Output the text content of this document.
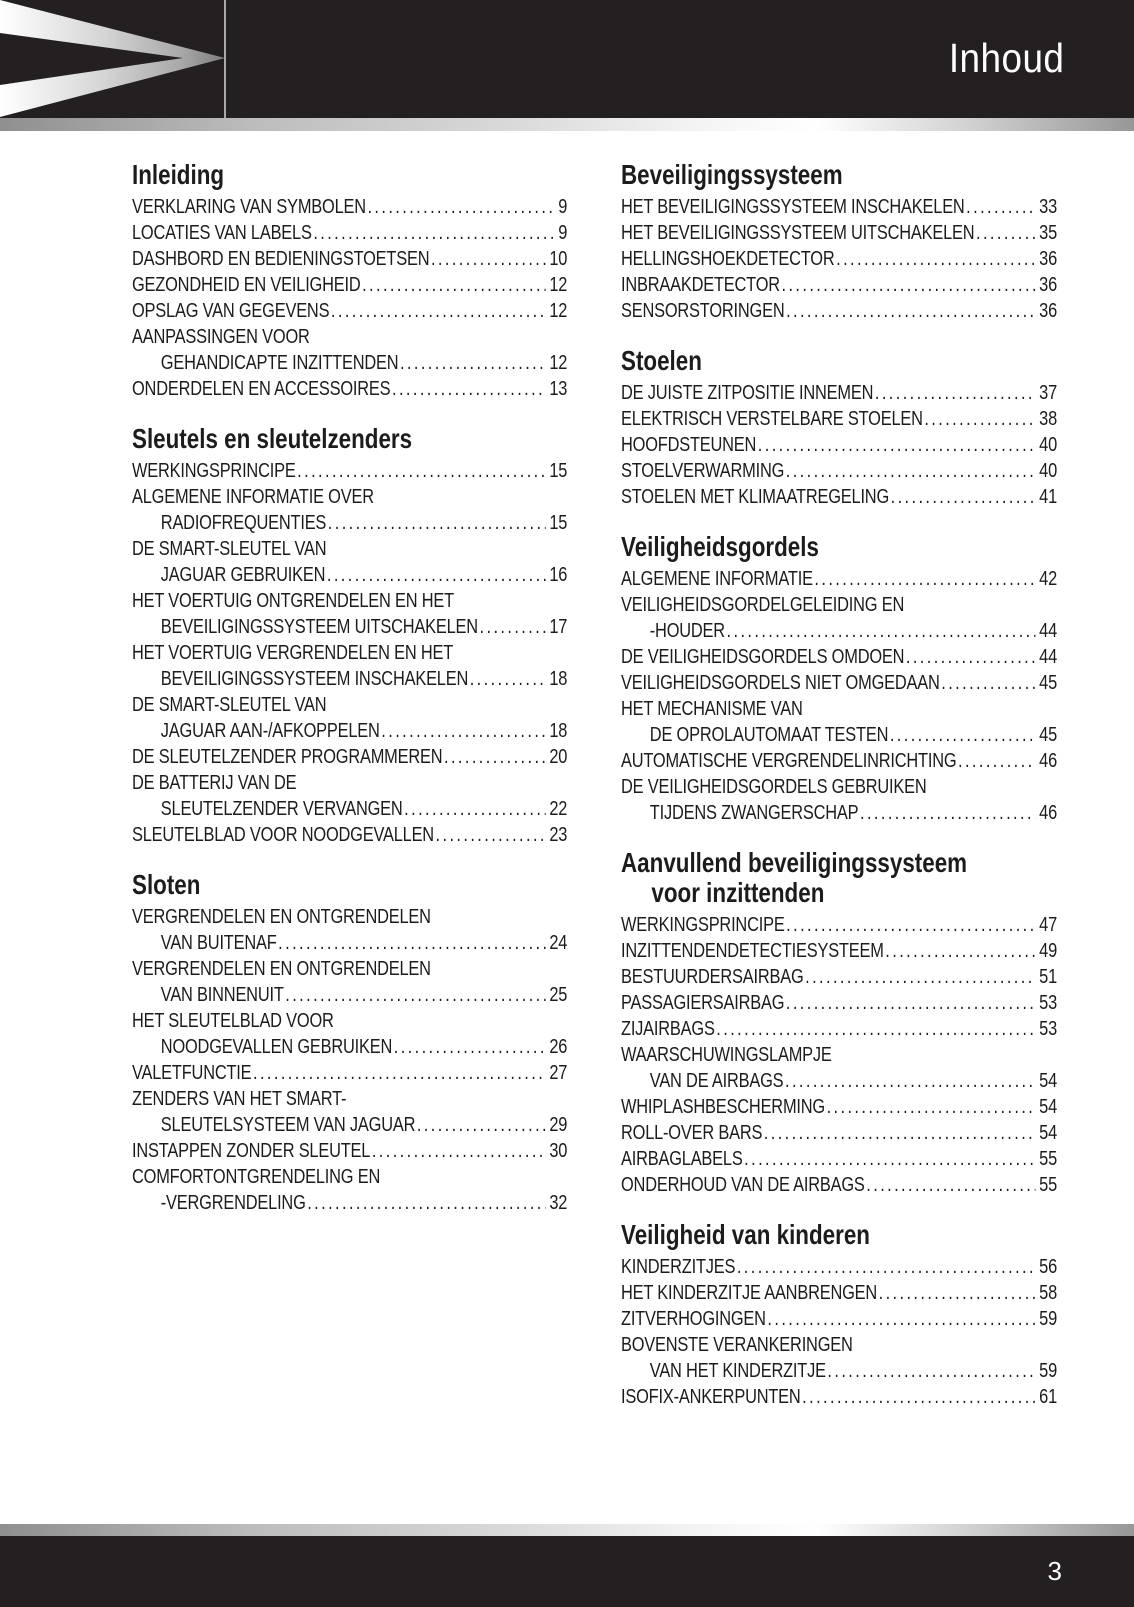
Inhoud
Inleiding
VERKLARING VAN SYMBOLEN .....	9
LOCATIES VAN LABELS .....	9
DASHBORD EN BEDIENINGSTOETSEN .....	10
GEZONDHEID EN VEILIGHEID .....	12
OPSLAG VAN GEGEVENS .....	12
AANPASSINGEN VOOR
GEHANDICAPTE INZITTENDEN .....	12
ONDERDELEN EN ACCESSOIRES .....	13
Sleutels en sleutelzenders
WERKINGSPRINCIPE .....	15
ALGEMENE INFORMATIE OVER
RADIOFREQUENTIES .....	15
DE SMART-SLEUTEL VAN
JAGUAR GEBRUIKEN .....	16
HET VOERTUIG ONTGRENDELEN EN HET
BEVEILIGINGSSYSTEEM UITSCHAKELEN .....	17
HET VOERTUIG VERGRENDELEN EN HET
BEVEILIGINGSSYSTEEM INSCHAKELEN .....	18
DE SMART-SLEUTEL VAN
JAGUAR AAN-/AFKOPPELEN .....	18
DE SLEUTELZENDER PROGRAMMEREN .....	20
DE BATTERIJ VAN DE
SLEUTELZENDER VERVANGEN .....	22
SLEUTELBLAD VOOR NOODGEVALLEN .....	23
Sloten
VERGRENDELEN EN ONTGRENDELEN
VAN BUITENAF .....	24
VERGRENDELEN EN ONTGRENDELEN
VAN BINNENUIT .....	25
HET SLEUTELBLAD VOOR
NOODGEVALLEN GEBRUIKEN .....	26
VALETFUNCTIE .....	27
ZENDERS VAN HET SMART-
SLEUTELSYSTEEM VAN JAGUAR .....	29
INSTAPPEN ZONDER SLEUTEL .....	30
COMFORTONTGRENDELING EN
-VERGRENDELING .....	32
Beveiligingssysteem
HET BEVEILIGINGSSYSTEEM INSCHAKELEN .....	33
HET BEVEILIGINGSSYSTEEM UITSCHAKELEN .....	35
HELLINGSHOEKDETECTOR .....	36
INBRAAKDETECTOR .....	36
SENSORSTORINGEN .....	36
Stoelen
DE JUISTE ZITPOSITIE INNEMEN .....	37
ELEKTRISCH VERSTELBARE STOELEN .....	38
HOOFDSTEUNEN .....	40
STOELVERWARMING .....	40
STOELEN MET KLIMAATREGELING .....	41
Veiligheidsgordels
ALGEMENE INFORMATIE .....	42
VEILIGHEIDSGORDELGELEIDING EN
-HOUDER .....	44
DE VEILIGHEIDSGORDELS OMDOEN .....	44
VEILIGHEIDSGORDELS NIET OMGEDAAN .....	45
HET MECHANISME VAN
DE OPROLAUTOMAAT TESTEN .....	45
AUTOMATISCHE VERGRENDELINRICHTING .....	46
DE VEILIGHEIDSGORDELS GEBRUIKEN
TIJDENS ZWANGERSCHAP .....	46
Aanvullend beveiligingssysteem
voor inzittenden
WERKINGSPRINCIPE .....	47
INZITTENDENDETECTIESYSTEEM .....	49
BESTUURDERSAIRBAG .....	51
PASSAGIERSAIRBAG .....	53
ZIJAIRBAGS .....	53
WAARSCHUWINGSLAMPJE
VAN DE AIRBAGS .....	54
WHIPLASHBESCHERMING .....	54
ROLL-OVER BARS .....	54
AIRBAGLABELS .....	55
ONDERHOUD VAN DE AIRBAGS .....	55
Veiligheid van kinderen
KINDERZITJES .....	56
HET KINDERZITJE AANBRENGEN .....	58
ZITVERHOGINGEN .....	59
BOVENSTE VERANKERINGEN
VAN HET KINDERZITJE .....	59
ISOFIX-ANKERPUNTEN .....	61
3
